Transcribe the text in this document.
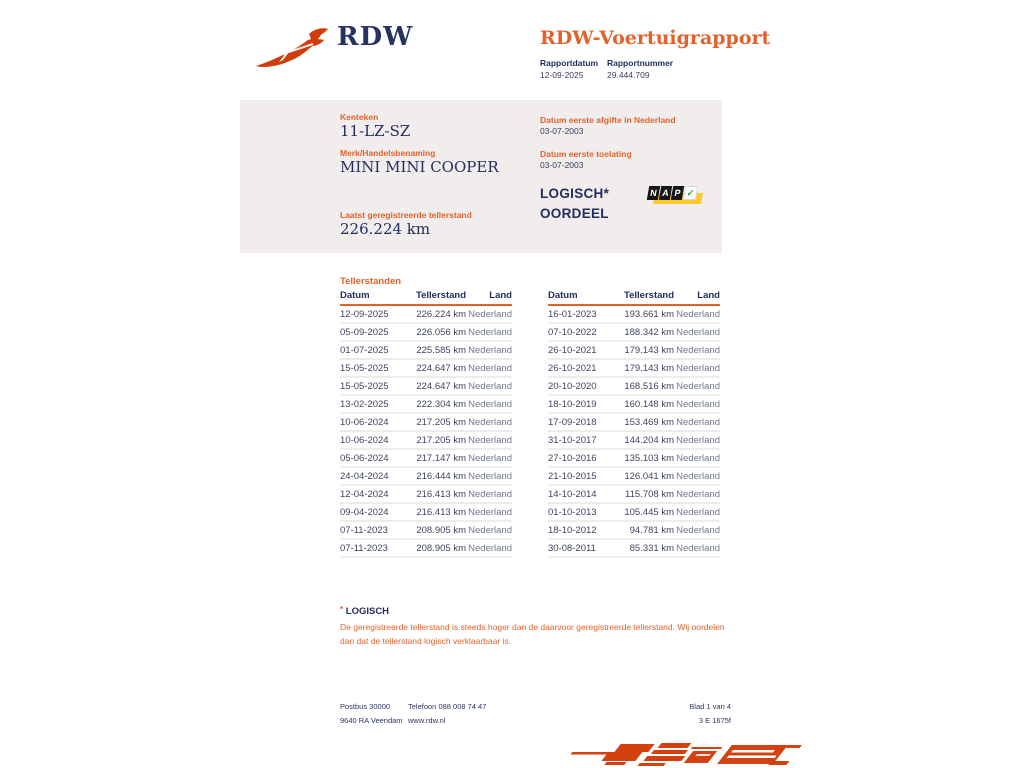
RDW	RDW-Voertuigrapport
Rapportdatum
12-09-2025
Rapportnummer
29.444.709
Kenteken
11-LZ-SZ
Merk/Handelsbenaming
MINI MINI COOPER
Laatst geregistreerde tellerstand
226.224 km
Datum eerste afgifte in Nederland
03-07-2003
Datum eerste toelating
03-07-2003
LOGISCH*
OORDEEL
N A P ✓
Tellerstanden
Datum	Tellerstand	Land
12-09-2025	226.224 km	Nederland
05-09-2025	226.056 km	Nederland
01-07-2025	225.585 km	Nederland
15-05-2025	224.647 km	Nederland
15-05-2025	224.647 km	Nederland
13-02-2025	222.304 km	Nederland
10-06-2024	217.205 km	Nederland
10-06-2024	217.205 km	Nederland
05-06-2024	217.147 km	Nederland
24-04-2024	216.444 km	Nederland
12-04-2024	216.413 km	Nederland
09-04-2024	216.413 km	Nederland
07-11-2023	208.905 km	Nederland
07-11-2023	208.905 km	Nederland
Datum	Tellerstand	Land
16-01-2023	193.661 km	Nederland
07-10-2022	188.342 km	Nederland
26-10-2021	179.143 km	Nederland
26-10-2021	179.143 km	Nederland
20-10-2020	168.516 km	Nederland
18-10-2019	160.148 km	Nederland
17-09-2018	153.469 km	Nederland
31-10-2017	144.204 km	Nederland
27-10-2016	135.103 km	Nederland
21-10-2015	126.041 km	Nederland
14-10-2014	115.708 km	Nederland
01-10-2013	105.445 km	Nederland
18-10-2012	94.781 km	Nederland
30-08-2011	85.331 km	Nederland
* LOGISCH
De geregistreerde tellerstand is steeds hoger dan de daarvoor geregistreerde tellerstand. Wij oordelen dan dat de tellerstand logisch verklaarbaar is.
Postbus 30000
9640 RA Veendam
Telefoon 088 008 74 47
www.rdw.nl
Blad 1 van 4
3 E 1675f
